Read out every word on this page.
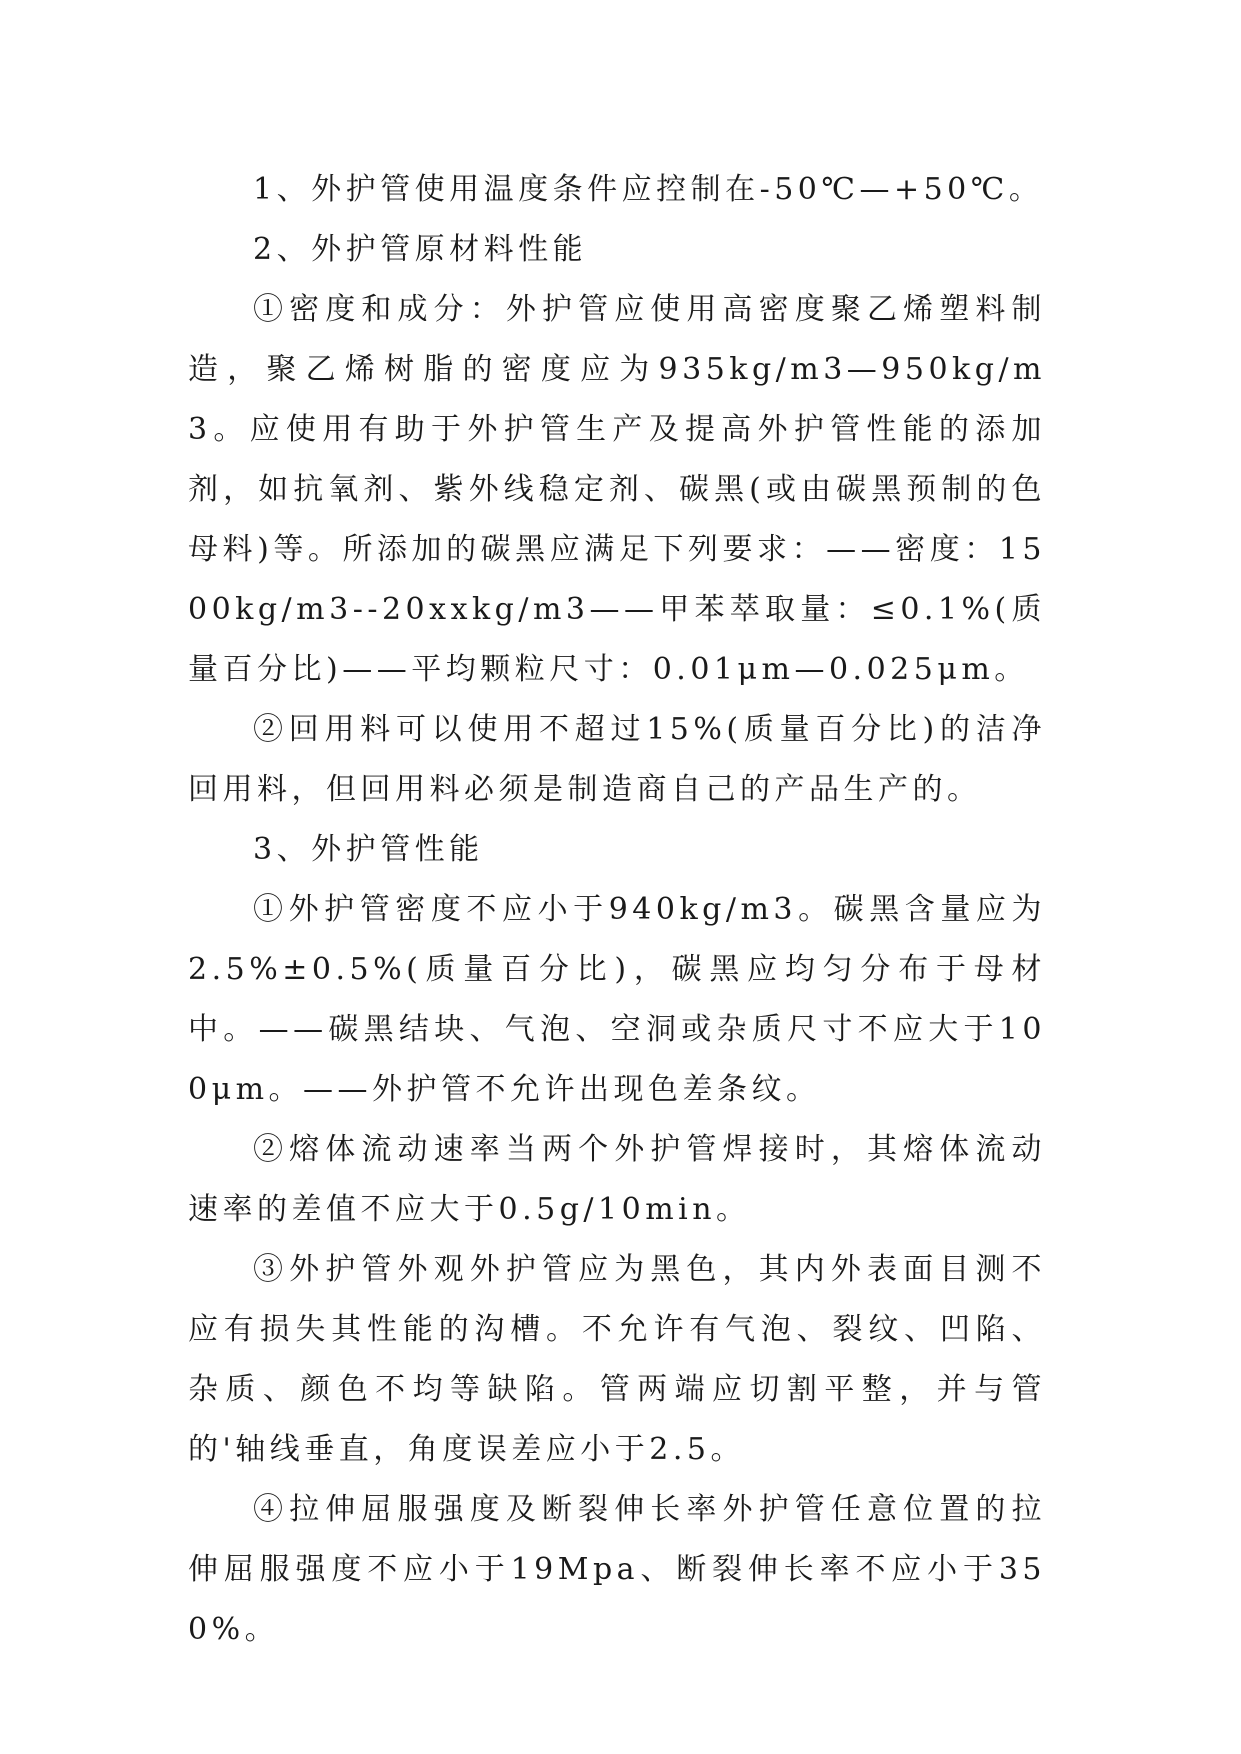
1、外护管使用温度条件应控制在-50℃—+50℃。

2、外护管原材料性能

①密度和成分：外护管应使用高密度聚乙烯塑料制造，聚乙烯树脂的密度应为935kg/m3—950kg/m3。应使用有助于外护管生产及提高外护管性能的添加剂，如抗氧剂、紫外线稳定剂、碳黑(或由碳黑预制的色母料)等。所添加的碳黑应满足下列要求：——密度：1500kg/m3--20xxkg/m3——甲苯萃取量：≤0.1%(质量百分比)——平均颗粒尺寸：0.01μm—0.025μm。

②回用料可以使用不超过15%(质量百分比)的洁净回用料，但回用料必须是制造商自己的产品生产的。

3、外护管性能

①外护管密度不应小于940kg/m3。碳黑含量应为2.5%±0.5%(质量百分比)，碳黑应均匀分布于母材中。——碳黑结块、气泡、空洞或杂质尺寸不应大于100μm。——外护管不允许出现色差条纹。

②熔体流动速率当两个外护管焊接时，其熔体流动速率的差值不应大于0.5g/10min。

③外护管外观外护管应为黑色，其内外表面目测不应有损失其性能的沟槽。不允许有气泡、裂纹、凹陷、杂质、颜色不均等缺陷。管两端应切割平整，并与管的'轴线垂直，角度误差应小于2.5。

④拉伸屈服强度及断裂伸长率外护管任意位置的拉伸屈服强度不应小于19Mpa、断裂伸长率不应小于350%。
